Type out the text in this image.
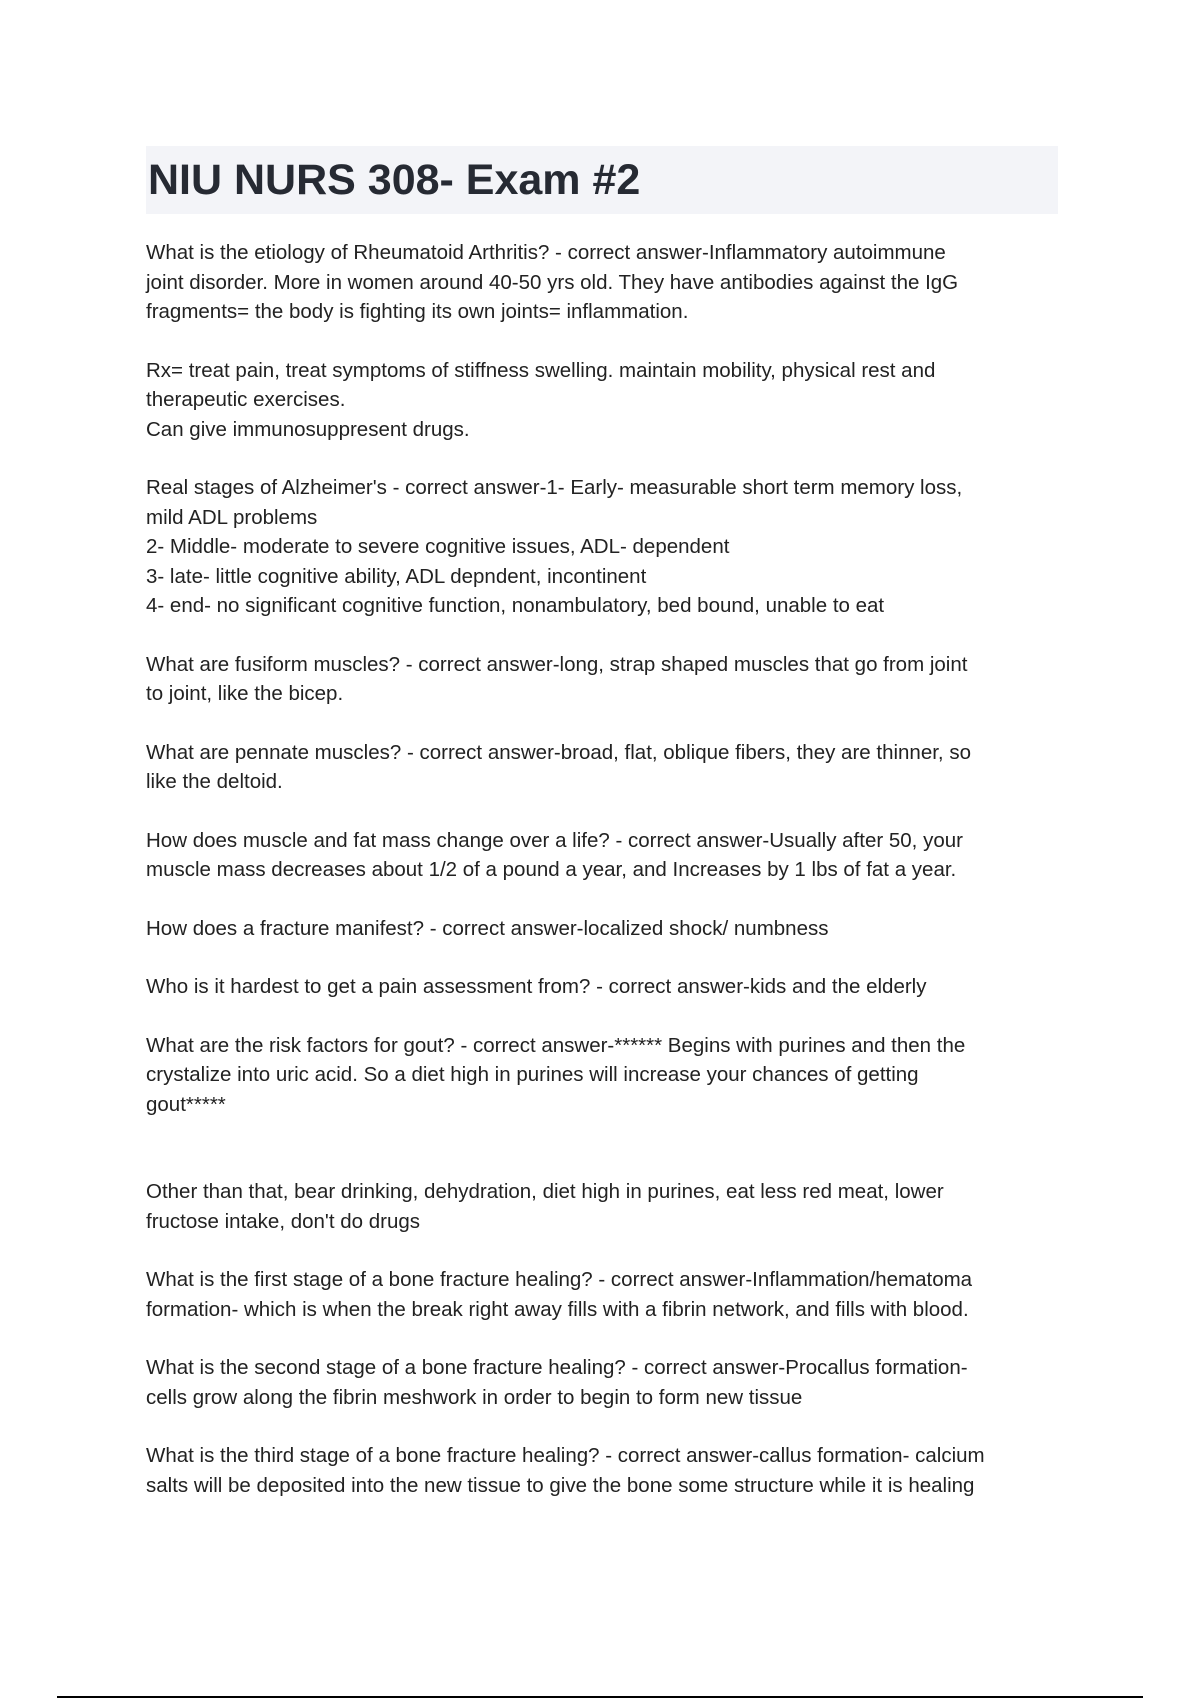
NIU NURS 308- Exam #2

What is the etiology of Rheumatoid Arthritis? - correct answer-Inflammatory autoimmune
joint disorder. More in women around 40-50 yrs old. They have antibodies against the IgG
fragments= the body is fighting its own joints= inflammation.

Rx= treat pain, treat symptoms of stiffness swelling. maintain mobility, physical rest and
therapeutic exercises.
Can give immunosuppresent drugs.

Real stages of Alzheimer's - correct answer-1- Early- measurable short term memory loss,
mild ADL problems
2- Middle- moderate to severe cognitive issues, ADL- dependent
3- late- little cognitive ability, ADL depndent, incontinent
4- end- no significant cognitive function, nonambulatory, bed bound, unable to eat

What are fusiform muscles? - correct answer-long, strap shaped muscles that go from joint
to joint, like the bicep.

What are pennate muscles? - correct answer-broad, flat, oblique fibers, they are thinner, so
like the deltoid.

How does muscle and fat mass change over a life? - correct answer-Usually after 50, your
muscle mass decreases about 1/2 of a pound a year, and Increases by 1 lbs of fat a year.

How does a fracture manifest? - correct answer-localized shock/ numbness

Who is it hardest to get a pain assessment from? - correct answer-kids and the elderly

What are the risk factors for gout? - correct answer-****** Begins with purines and then the
crystalize into uric acid. So a diet high in purines will increase your chances of getting
gout*****

Other than that, bear drinking, dehydration, diet high in purines, eat less red meat, lower
fructose intake, don't do drugs

What is the first stage of a bone fracture healing? - correct answer-Inflammation/hematoma
formation- which is when the break right away fills with a fibrin network, and fills with blood.

What is the second stage of a bone fracture healing? - correct answer-Procallus formation-
cells grow along the fibrin meshwork in order to begin to form new tissue

What is the third stage of a bone fracture healing? - correct answer-callus formation- calcium
salts will be deposited into the new tissue to give the bone some structure while it is healing
